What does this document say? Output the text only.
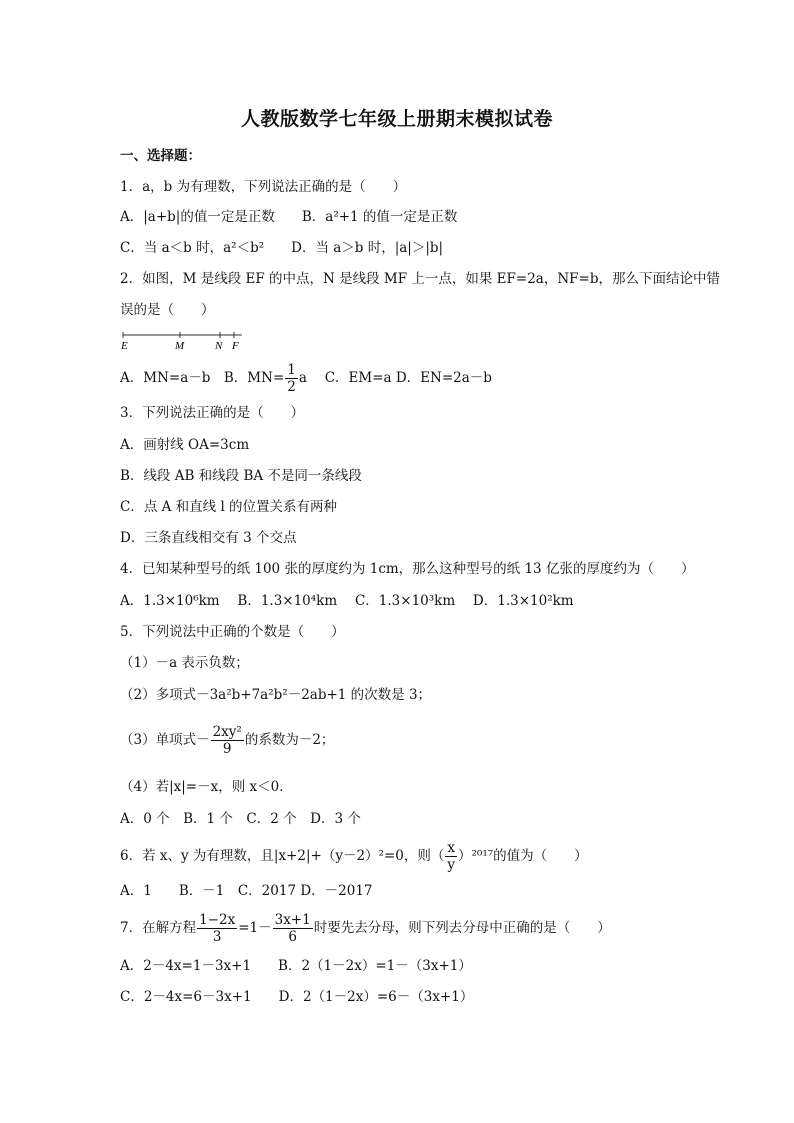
人教版数学七年级上册期末模拟试卷
一、选择题：
1．a，b 为有理数，下列说法正确的是（　　）
A．|a+b|的值一定是正数　　B．a²+1 的值一定是正数
C．当 a＜b 时，a²＜b²　　D．当 a＞b 时，|a|＞|b|
2．如图，M 是线段 EF 的中点，N 是线段 MF 上一点，如果 EF=2a，NF=b，那么下面结论中错
误的是（　　）
E	M	N F
A．MN=a－b　B．$MN= \frac{1}{2}$ a　 C．EM=a D．EN=2a－b
3．下列说法正确的是（　　）
A．画射线 OA=3cm
B．线段 AB 和线段 BA 不是同一条线段
C．点 A 和直线 l 的位置关系有两种
D．三条直线相交有 3 个交点
4．已知某种型号的纸 100 张的厚度约为 1cm，那么这种型号的纸 13 亿张的厚度约为（　　）
A．1.3×10⁶km　 B．1.3×10⁴km　 C．1.3×10³km　 D．1.3×10²km
5．下列说法中正确的个数是（　　）
（1）－a 表示负数；
（2）多项式－3a²b+7a²b²－2ab+1 的次数是 3；
（3）单项式－ $\frac{\text{2xy²}}{9}$ 的系数为－2；
（4）若|x|=－x，则 x＜0．
A．0 个　B．1 个　C．2 个　D．3 个
6．若 x、y 为有理数，且|x+2|+（y－2）²=0，则（ $\frac{x}{y} )^{2017}$的值为（　　）
A．1　　B．－1　C．2017 D．－2017
7．在解方程 $\frac{1-2x}{3} =1- \frac{3x+1}{6}$ 时要先去分母，则下列去分母中正确的是（　　）
A．2－4x=1－3x+1　　B．2（1－2x）=1－（3x+1）
C．2－4x=6－3x+1　　D．2（1－2x）=6－（3x+1）
